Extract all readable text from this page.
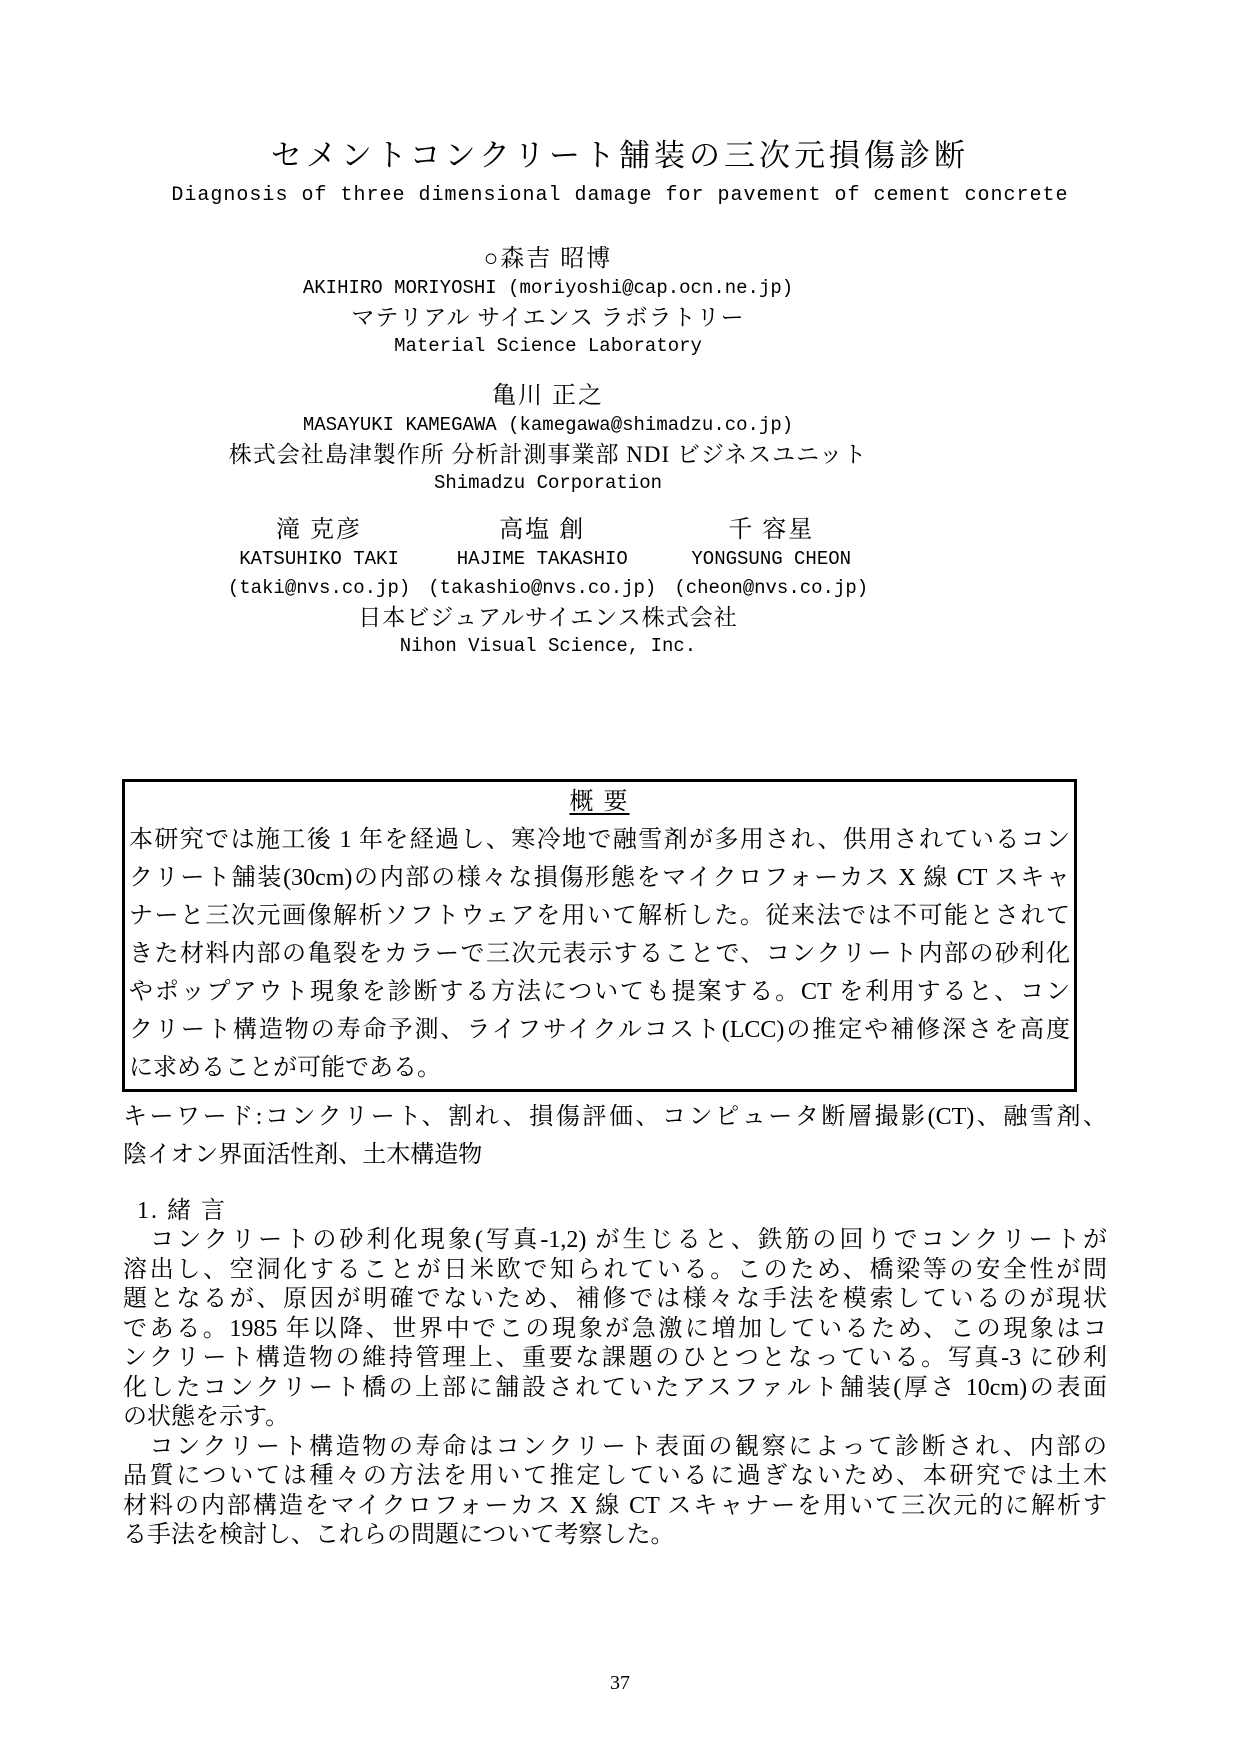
セメントコンクリート舗装の三次元損傷診断
Diagnosis of three dimensional damage for pavement of cement concrete
○森吉 昭博
AKIHIRO MORIYOSHI (moriyoshi@cap.ocn.ne.jp)
マテリアル サイエンス ラボラトリー
Material Science Laboratory
亀川 正之
MASAYUKI KAMEGAWA (kamegawa@shimadzu.co.jp)
株式会社島津製作所 分析計測事業部 NDI ビジネスユニット
Shimadzu Corporation
滝 克彦
KATSUHIKO TAKI
(taki@nvs.co.jp)
高塩 創
HAJIME TAKASHIO
(takashio@nvs.co.jp)
千 容星
YONGSUNG CHEON
(cheon@nvs.co.jp)
日本ビジュアルサイエンス株式会社
Nihon Visual Science, Inc.
概 要
本研究では施工後 1 年を経過し、寒冷地で融雪剤が多用され、供用されているコン
クリート舗装(30cm)の内部の様々な損傷形態をマイクロフォーカス X 線 CT スキャ
ナーと三次元画像解析ソフトウェアを用いて解析した。従来法では不可能とされて
きた材料内部の亀裂をカラーで三次元表示することで、コンクリート内部の砂利化
やポップアウト現象を診断する方法についても提案する。CT を利用すると、コン
クリート構造物の寿命予測、ライフサイクルコスト(LCC)の推定や補修深さを高度
に求めることが可能である。
キーワード:コンクリート、割れ、損傷評価、コンピュータ断層撮影(CT)、融雪剤、
陰イオン界面活性剤、土木構造物
1. 緒 言
　コンクリートの砂利化現象(写真-1,2) が生じると、鉄筋の回りでコンクリートが
溶出し、空洞化することが日米欧で知られている。このため、橋梁等の安全性が問
題となるが、原因が明確でないため、補修では様々な手法を模索しているのが現状
である。1985 年以降、世界中でこの現象が急激に増加しているため、この現象はコ
ンクリート構造物の維持管理上、重要な課題のひとつとなっている。写真-3 に砂利
化したコンクリート橋の上部に舗設されていたアスファルト舗装(厚さ 10cm)の表面
の状態を示す。
　コンクリート構造物の寿命はコンクリート表面の観察によって診断され、内部の
品質については種々の方法を用いて推定しているに過ぎないため、本研究では土木
材料の内部構造をマイクロフォーカス X 線 CT スキャナーを用いて三次元的に解析す
る手法を検討し、これらの問題について考察した。
37
